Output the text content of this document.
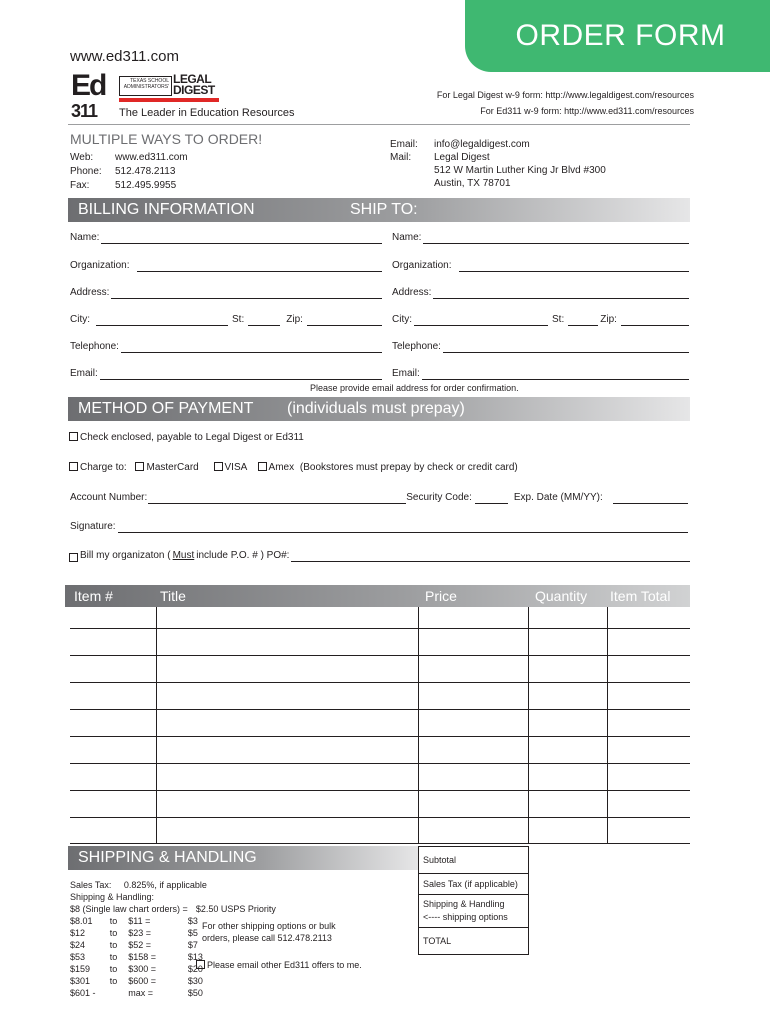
ORDER FORM
www.ed311.com
Ed
311
TEXAS SCHOOL ADMINISTRATORS'
LEGAL
DIGEST
The Leader in Education Resources
For Legal Digest w-9 form: http://www.legaldigest.com/resources
For Ed311 w-9 form: http://www.ed311.com/resources
MULTIPLE WAYS TO ORDER!
Web:	www.ed311.com
Phone:	512.478.2113
Fax:	512.495.9955
Email:	info@legaldigest.com
Mail:	Legal Digest
512 W Martin Luther King Jr Blvd #300
Austin, TX 78701
BILLING INFORMATION	SHIP TO:
Name:
Organization:
Address:
City:	St:	Zip:
Telephone:
Email:
Name:
Organization:
Address:
City:	St:	Zip:
Telephone:
Email:
Please provide email address for order confirmation.
METHOD OF PAYMENT (individuals must prepay)
Check enclosed, payable to Legal Digest or Ed311
Charge to: MasterCard	VISA Amex (Bookstores must prepay by check or credit card)
Account Number:	Security Code:	Exp. Date (MM/YY):
Signature:
Bill my organizaton ( Must include P.O. # ) PO#:
Item #	Title	Price	Quantity Item Total
SHIPPING & HANDLING
Sales Tax:     0.825%, if applicable
Shipping & Handling:
$8 (Single law chart orders) =			$2.50 USPS Priority
$8.01	to	$11 =	$3
$12	to	$23 =	$5
$24	to	$52 =	$7
$53	to	$158 =	$13
$159	to	$300 =	$20
$301	to	$600 =	$30
$601 -		max =	$50
For other shipping options or bulk orders, please call 512.478.2113
Please email other Ed311 offers to me.
Subtotal
Sales Tax (if applicable)
Shipping & Handling
<---- shipping options
TOTAL
